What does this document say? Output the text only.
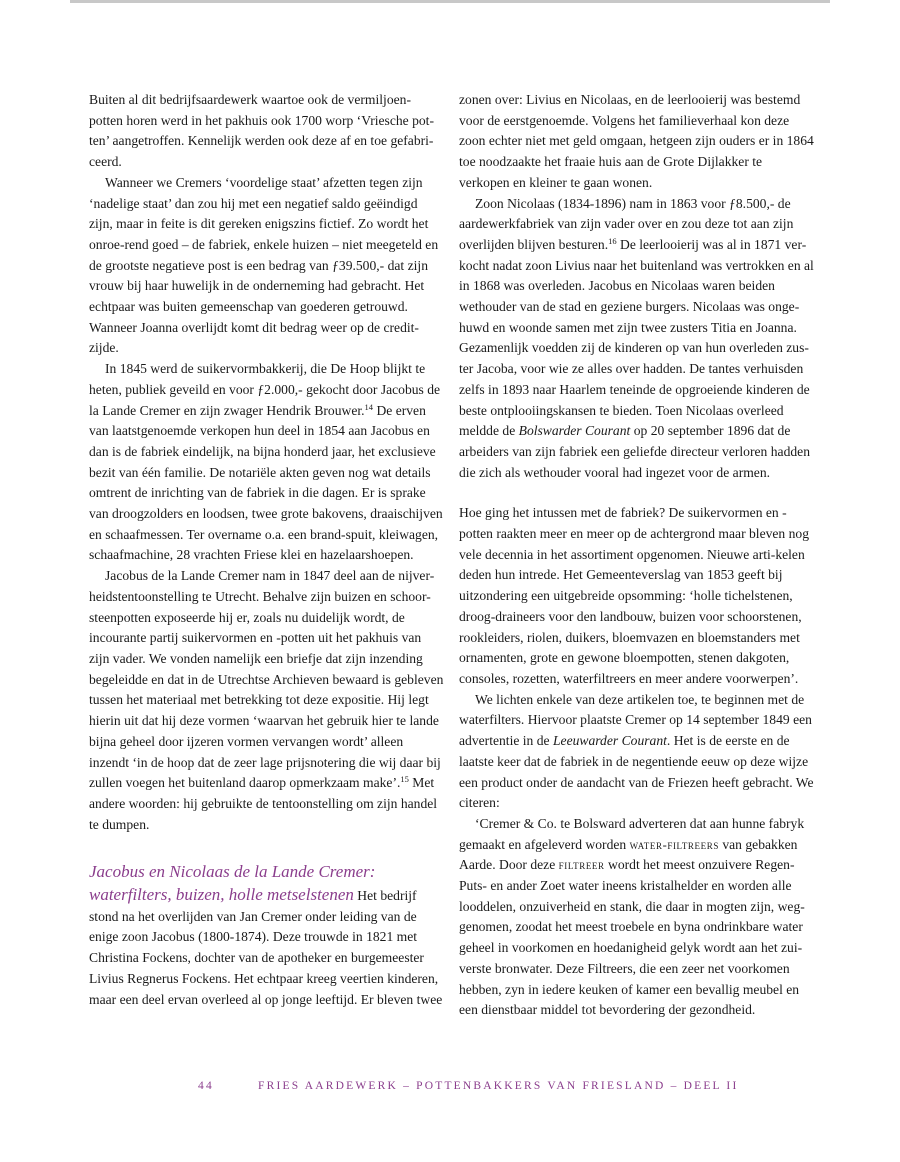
Buiten al dit bedrijfsaardewerk waartoe ook de vermiljoen-potten horen werd in het pakhuis ook 1700 worp ‘Vriesche pot-ten’ aangetroffen. Kennelijk werden ook deze af en toe gefabri-ceerd.

Wanneer we Cremers ‘voordelige staat’ afzetten tegen zijn ‘nadelige staat’ dan zou hij met een negatief saldo geëindigd zijn, maar in feite is dit gereken enigszins fictief. Zo wordt het onroe-rend goed – de fabriek, enkele huizen – niet meegeteld en de grootste negatieve post is een bedrag van ƒ39.500,- dat zijn vrouw bij haar huwelijk in de onderneming had gebracht. Het echtpaar was buiten gemeenschap van goederen getrouwd. Wanneer Joanna overlijdt komt dit bedrag weer op de credit-zijde.

In 1845 werd de suikervormbakkerij, die De Hoop blijkt te heten, publiek geveild en voor ƒ2.000,- gekocht door Jacobus de la Lande Cremer en zijn zwager Hendrik Brouwer.$^{14}$ De erven van laatstgenoemde verkopen hun deel in 1854 aan Jacobus en dan is de fabriek eindelijk, na bijna honderd jaar, het exclusieve bezit van één familie. De notariële akten geven nog wat details omtrent de inrichting van de fabriek in die dagen. Er is sprake van droogzolders en loodsen, twee grote bakovens, draaischijven en schaafmessen. Ter overname o.a. een brand-spuit, kleiwagen, schaafmachine, 28 vrachten Friese klei en hazelaarshoepen.

Jacobus de la Lande Cremer nam in 1847 deel aan de nijver-heidstentoonstelling te Utrecht. Behalve zijn buizen en schoor-steenpotten exposeerde hij er, zoals nu duidelijk wordt, de incourante partij suikervormen en -potten uit het pakhuis van zijn vader. We vonden namelijk een briefje dat zijn inzending begeleidde en dat in de Utrechtse Archieven bewaard is gebleven tussen het materiaal met betrekking tot deze expositie. Hij legt hierin uit dat hij deze vormen ‘waarvan het gebruik hier te lande bijna geheel door ijzeren vormen vervangen wordt’ alleen inzendt ‘in de hoop dat de zeer lage prijsnotering die wij daar bij zullen voegen het buitenland daarop opmerkzaam make’.$^{15}$ Met andere woorden: hij gebruikte de tentoonstelling om zijn handel te dumpen.

Jacobus en Nicolaas de la Lande Cremer: waterfilters, buizen, holle metselstenen Het bedrijf stond na het overlijden van Jan Cremer onder leiding van de enige zoon Jacobus (1800-1874). Deze trouwde in 1821 met Christina Fockens, dochter van de apotheker en burgemeester Livius Regnerus Fockens. Het echtpaar kreeg veertien kinderen, maar een deel ervan overleed al op jonge leeftijd. Er bleven twee

zonen over: Livius en Nicolaas, en de leerlooierij was bestemd voor de eerstgenoemde. Volgens het familieverhaal kon deze zoon echter niet met geld omgaan, hetgeen zijn ouders er in 1864 toe noodzaakte het fraaie huis aan de Grote Dijlakker te verkopen en kleiner te gaan wonen.

Zoon Nicolaas (1834-1896) nam in 1863 voor ƒ8.500,- de aardewerkfabriek van zijn vader over en zou deze tot aan zijn overlijden blijven besturen.$^{16}$ De leerlooierij was al in 1871 ver-kocht nadat zoon Livius naar het buitenland was vertrokken en al in 1868 was overleden. Jacobus en Nicolaas waren beiden wethouder van de stad en geziene burgers. Nicolaas was onge-huwd en woonde samen met zijn twee zusters Titia en Joanna. Gezamenlijk voedden zij de kinderen op van hun overleden zus-ter Jacoba, voor wie ze alles over hadden. De tantes verhuisden zelfs in 1893 naar Haarlem teneinde de opgroeiende kinderen de beste ontplooiingskansen te bieden. Toen Nicolaas overleed meldde de Bolswarder Courant op 20 september 1896 dat de arbeiders van zijn fabriek een geliefde directeur verloren hadden die zich als wethouder vooral had ingezet voor de armen.

Hoe ging het intussen met de fabriek? De suikervormen en -potten raakten meer en meer op de achtergrond maar bleven nog vele decennia in het assortiment opgenomen. Nieuwe arti-kelen deden hun intrede. Het Gemeenteverslag van 1853 geeft bij uitzondering een uitgebreide opsomming: ‘holle tichelstenen, droog-draineers voor den landbouw, buizen voor schoorstenen, rookleiders, riolen, duikers, bloemvazen en bloemstanders met ornamenten, grote en gewone bloempotten, stenen dakgoten, consoles, rozetten, waterfiltreers en meer andere voorwerpen’.

We lichten enkele van deze artikelen toe, te beginnen met de waterfilters. Hiervoor plaatste Cremer op 14 september 1849 een advertentie in de Leeuwarder Courant. Het is de eerste en de laatste keer dat de fabriek in de negentiende eeuw op deze wijze een product onder de aandacht van de Friezen heeft gebracht. We citeren:

‘Cremer & Co. te Bolsward adverteren dat aan hunne fabryk gemaakt en afgeleverd worden water-filtreers van gebakken Aarde. Door deze filtreer wordt het meest onzuivere Regen-Puts- en ander Zoet water ineens kristalhelder en worden alle looddelen, onzuiverheid en stank, die daar in mogten zijn, weg-genomen, zoodat het meest troebele en byna ondrinkbare water geheel in voorkomen en hoedanigheid gelyk wordt aan het zui-verste bronwater. Deze Filtreers, die een zeer net voorkomen hebben, zyn in iedere keuken of kamer een bevallig meubel en een dienstbaar middel tot bevordering der gezondheid.

44	FRIES AARDEWERK – POTTENBAKKERS VAN FRIESLAND – DEEL II
